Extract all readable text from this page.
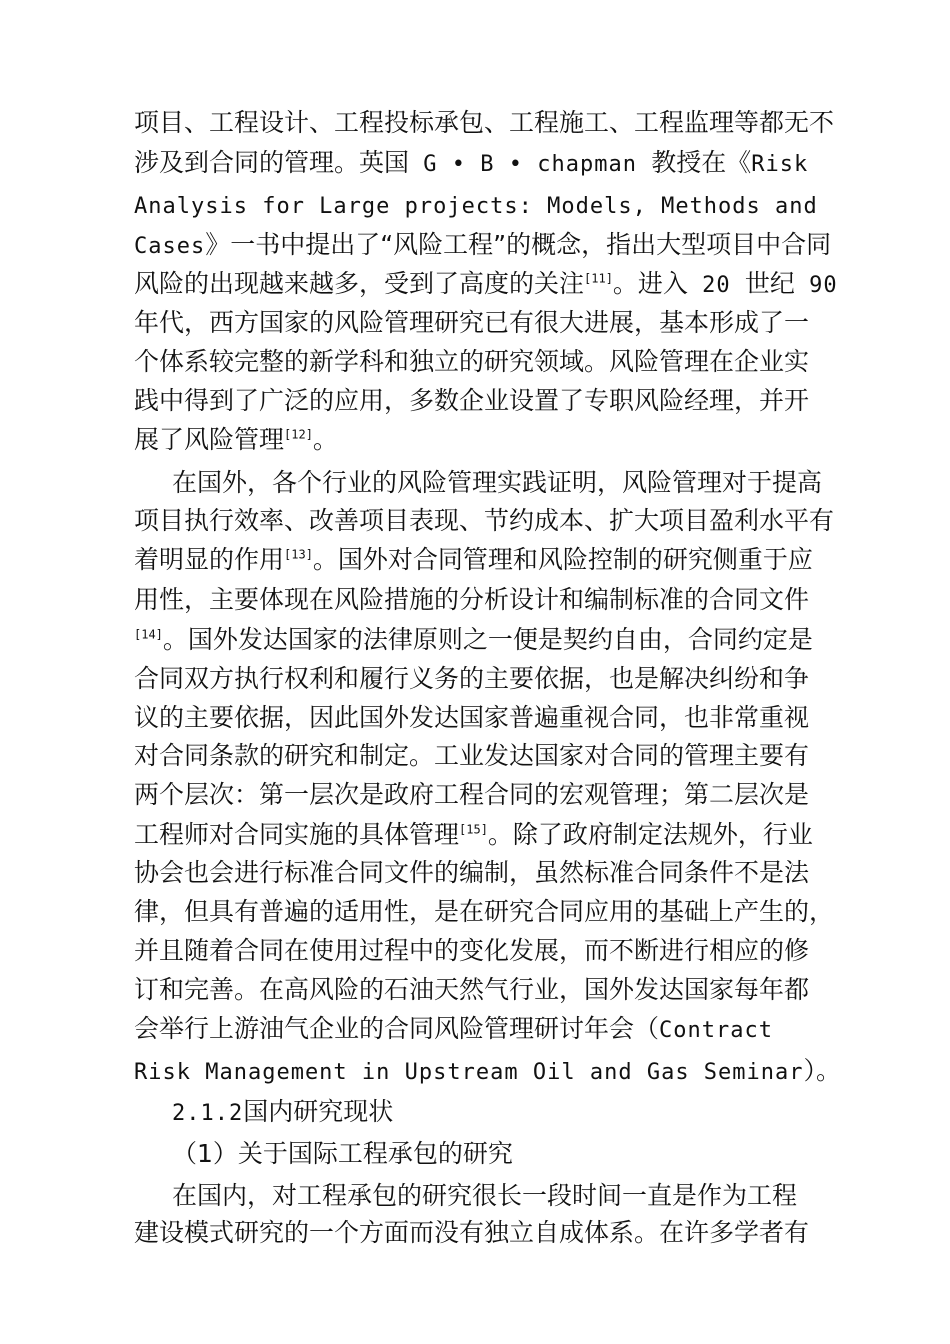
项目、工程设计、工程投标承包、工程施工、工程监理等都无不
涉及到合同的管理。英国 G • B • chapman 教授在《Risk
Analysis for Large projects: Models, Methods and
Cases》一书中提出了“风险工程”的概念，指出大型项目中合同
风险的出现越来越多，受到了高度的关注[11]。进入 20 世纪 90
年代，西方国家的风险管理研究已有很大进展，基本形成了一
个体系较完整的新学科和独立的研究领域。风险管理在企业实
践中得到了广泛的应用，多数企业设置了专职风险经理，并开
展了风险管理[12]。
在国外，各个行业的风险管理实践证明，风险管理对于提高
项目执行效率、改善项目表现、节约成本、扩大项目盈利水平有
着明显的作用[13]。国外对合同管理和风险控制的研究侧重于应
用性，主要体现在风险措施的分析设计和编制标准的合同文件
[14]。国外发达国家的法律原则之一便是契约自由，合同约定是
合同双方执行权利和履行义务的主要依据，也是解决纠纷和争
议的主要依据，因此国外发达国家普遍重视合同，也非常重视
对合同条款的研究和制定。工业发达国家对合同的管理主要有
两个层次：第一层次是政府工程合同的宏观管理；第二层次是
工程师对合同实施的具体管理[15]。除了政府制定法规外，行业
协会也会进行标准合同文件的编制，虽然标准合同条件不是法
律，但具有普遍的适用性，是在研究合同应用的基础上产生的，
并且随着合同在使用过程中的变化发展，而不断进行相应的修
订和完善。在高风险的石油天然气行业，国外发达国家每年都
会举行上游油气企业的合同风险管理研讨年会（Contract
Risk Management in Upstream Oil and Gas Seminar）。
2.1.2国内研究现状
（1）关于国际工程承包的研究
在国内，对工程承包的研究很长一段时间一直是作为工程
建设模式研究的一个方面而没有独立自成体系。在许多学者有
